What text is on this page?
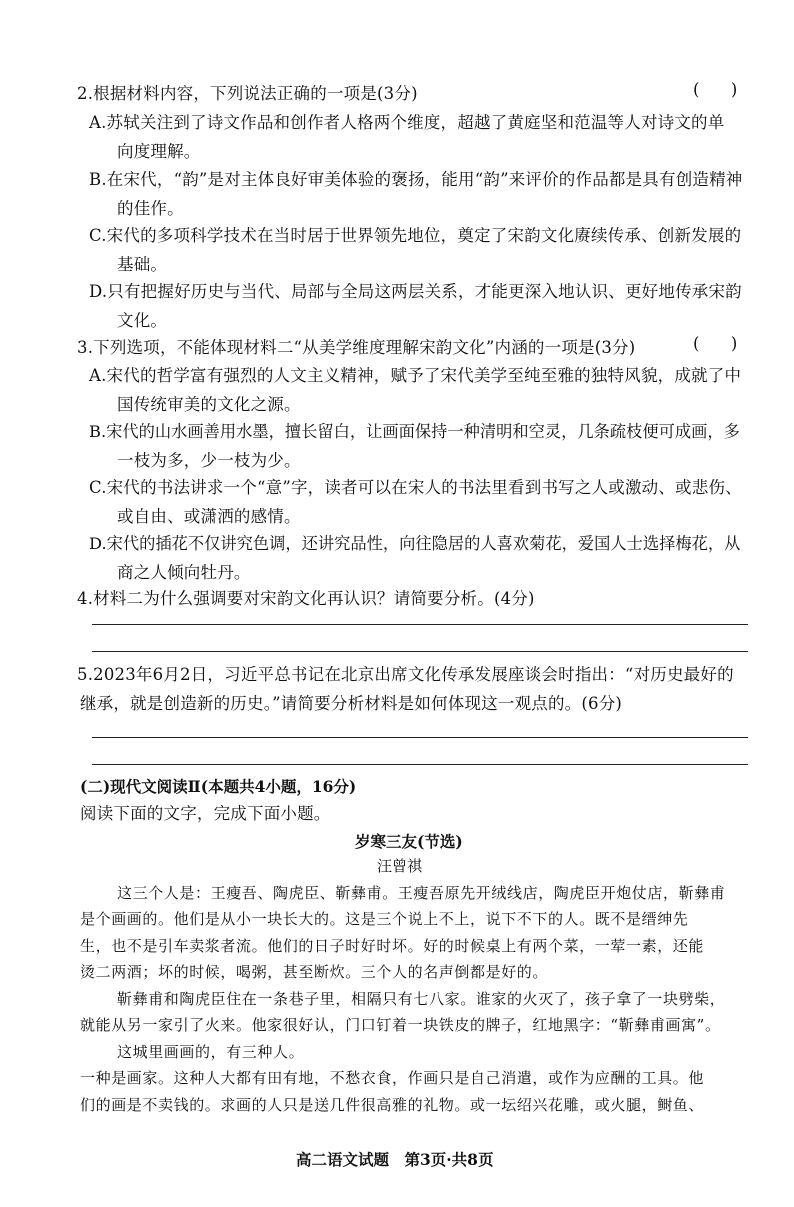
2.根据材料内容，下列说法正确的一项是(3分)	(      )
A.苏轼关注到了诗文作品和创作者人格两个维度，超越了黄庭坚和范温等人对诗文的单
向度理解。
B.在宋代，“韵”是对主体良好审美体验的褒扬，能用“韵”来评价的作品都是具有创造精神
的佳作。
C.宋代的多项科学技术在当时居于世界领先地位，奠定了宋韵文化赓续传承、创新发展的
基础。
D.只有把握好历史与当代、局部与全局这两层关系，才能更深入地认识、更好地传承宋韵
文化。
3.下列选项，不能体现材料二“从美学维度理解宋韵文化”内涵的一项是(3分)	(      )
A.宋代的哲学富有强烈的人文主义精神，赋予了宋代美学至纯至雅的独特风貌，成就了中
国传统审美的文化之源。
B.宋代的山水画善用水墨，擅长留白，让画面保持一种清明和空灵，几条疏枝便可成画，多
一枝为多，少一枝为少。
C.宋代的书法讲求一个“意”字，读者可以在宋人的书法里看到书写之人或激动、或悲伤、
或自由、或潇洒的感情。
D.宋代的插花不仅讲究色调，还讲究品性，向往隐居的人喜欢菊花，爱国人士选择梅花，从
商之人倾向牡丹。
4.材料二为什么强调要对宋韵文化再认识？请简要分析。(4分)
5.2023年6月2日，习近平总书记在北京出席文化传承发展座谈会时指出：“对历史最好的
继承，就是创造新的历史。”请简要分析材料是如何体现这一观点的。(6分)
(二)现代文阅读Ⅱ(本题共4小题，16分)
阅读下面的文字，完成下面小题。
岁寒三友(节选)
汪曾祺
这三个人是：王瘦吾、陶虎臣、靳彝甫。王瘦吾原先开绒线店，陶虎臣开炮仗店，靳彝甫
是个画画的。他们是从小一块长大的。这是三个说上不上，说下不下的人。既不是缙绅先
生，也不是引车卖浆者流。他们的日子时好时坏。好的时候桌上有两个菜，一荤一素，还能
烫二两酒；坏的时候，喝粥，甚至断炊。三个人的名声倒都是好的。
靳彝甫和陶虎臣住在一条巷子里，相隔只有七八家。谁家的火灭了，孩子拿了一块劈柴，
就能从另一家引了火来。他家很好认，门口钉着一块铁皮的牌子，红地黑字：“靳彝甫画寓”。
这城里画画的，有三种人。
一种是画家。这种人大都有田有地，不愁衣食，作画只是自己消遣，或作为应酬的工具。他
们的画是不卖钱的。求画的人只是送几件很高雅的礼物。或一坛绍兴花雕，或火腿，鲥鱼、
高二语文试题　第3页·共8页
